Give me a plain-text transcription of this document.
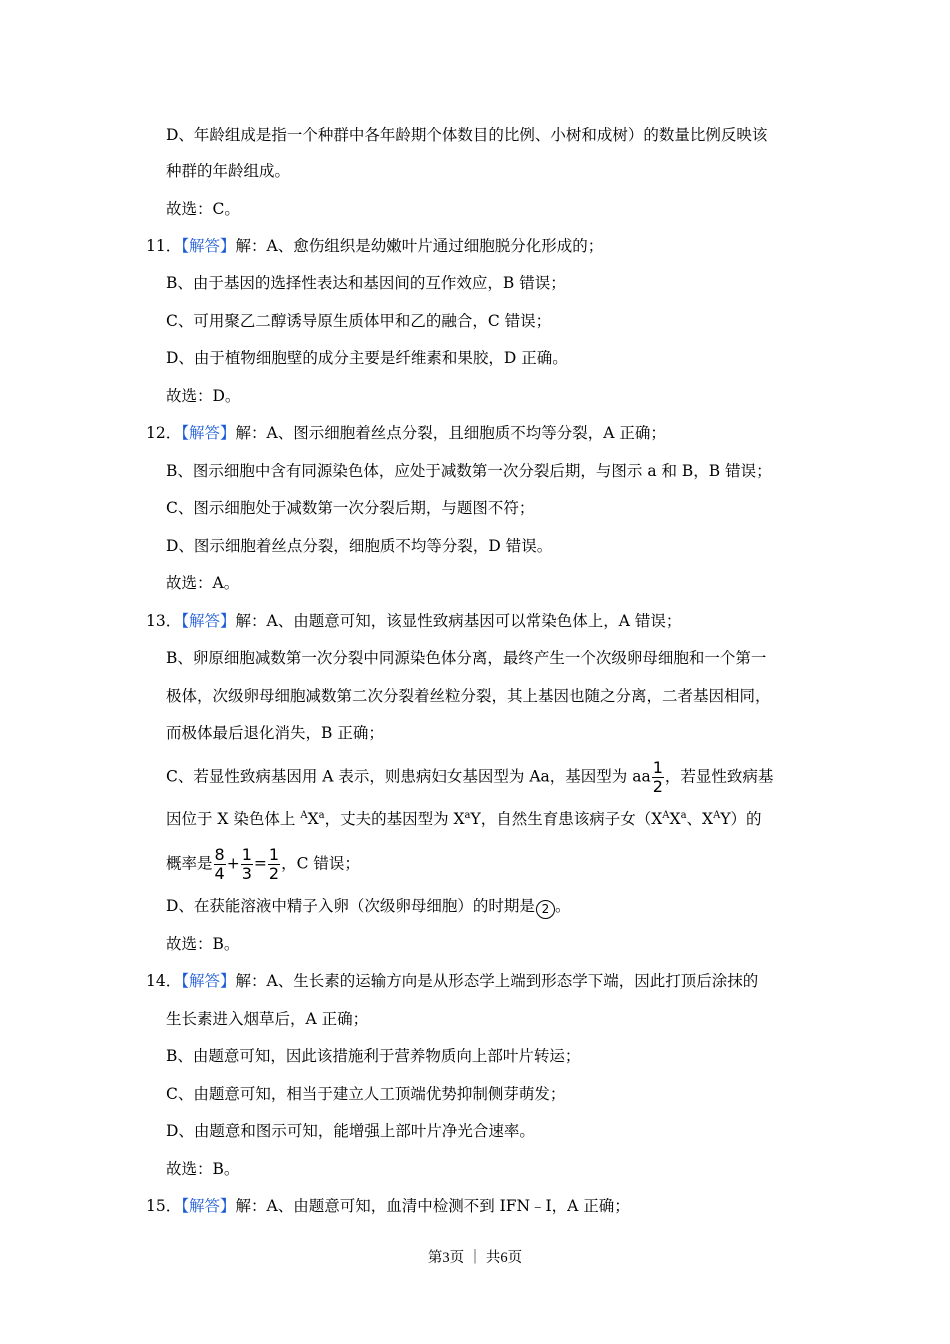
D、年龄组成是指一个种群中各年龄期个体数目的比例、小树和成树）的数量比例反映该
种群的年龄组成。
故选：C。
11．【解答】解：A、愈伤组织是幼嫩叶片通过细胞脱分化形成的；
B、由于基因的选择性表达和基因间的互作效应，B 错误；
C、可用聚乙二醇诱导原生质体甲和乙的融合，C 错误；
D、由于植物细胞壁的成分主要是纤维素和果胶，D 正确。
故选：D。
12．【解答】解：A、图示细胞着丝点分裂，且细胞质不均等分裂，A 正确；
B、图示细胞中含有同源染色体，应处于减数第一次分裂后期，与图示 a 和 B，B 错误；
C、图示细胞处于减数第一次分裂后期，与题图不符；
D、图示细胞着丝点分裂，细胞质不均等分裂，D 错误。
故选：A。
13．【解答】解：A、由题意可知，该显性致病基因可以常染色体上，A 错误；
B、卵原细胞减数第一次分裂中同源染色体分离，最终产生一个次级卵母细胞和一个第一
极体，次级卵母细胞减数第二次分裂着丝粒分裂，其上基因也随之分离，二者基因相同，
而极体最后退化消失，B 正确；
C、若显性致病基因用 A 表示，则患病妇女基因型为 Aa，基因型为 aa $\frac{1}{2}$ ，若显性致病基
因位于 X 染色体上 $^AX^a$，丈夫的基因型为 $X^aY$，自然生育患该病子女（$X^AX^a$、$X^AY$）的
概率是 $\frac{8}{4} + \frac{1}{3} = \frac{1}{2}$ ，C 错误；
D、在获能溶液中精子入卵（次级卵母细胞）的时期是 2 。
故选：B。
14．【解答】解：A、生长素的运输方向是从形态学上端到形态学下端，因此打顶后涂抹的
生长素进入烟草后，A 正确；
B、由题意可知，因此该措施利于营养物质向上部叶片转运；
C、由题意可知，相当于建立人工顶端优势抑制侧芽萌发；
D、由题意和图示可知，能增强上部叶片净光合速率。
故选：B。
15．【解答】解：A、由题意可知，血清中检测不到 IFN﹣Ⅰ，A 正确；
第3页 ｜ 共6页
